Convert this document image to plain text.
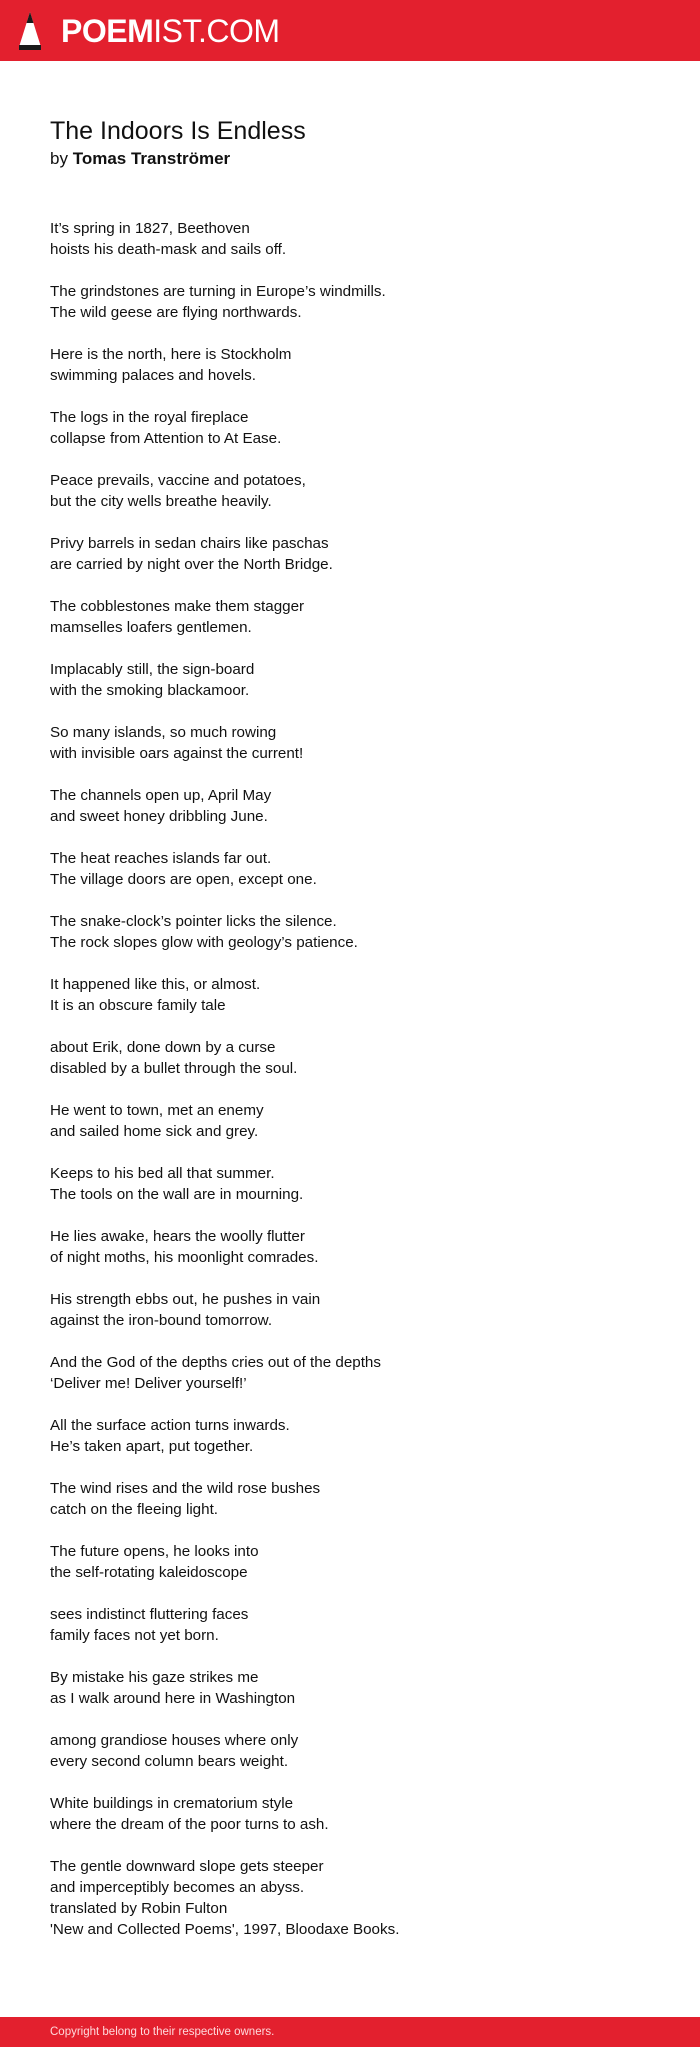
POEMIST.COM
The Indoors Is Endless
by Tomas Tranströmer

It’s spring in 1827, Beethoven
hoists his death-mask and sails off.

The grindstones are turning in Europe’s windmills.
The wild geese are flying northwards.

Here is the north, here is Stockholm
swimming palaces and hovels.

The logs in the royal fireplace
collapse from Attention to At Ease.

Peace prevails, vaccine and potatoes,
but the city wells breathe heavily.

Privy barrels in sedan chairs like paschas
are carried by night over the North Bridge.

The cobblestones make them stagger
mamselles loafers gentlemen.

Implacably still, the sign-board
with the smoking blackamoor.

So many islands, so much rowing
with invisible oars against the current!

The channels open up, April May
and sweet honey dribbling June.

The heat reaches islands far out.
The village doors are open, except one.

The snake-clock’s pointer licks the silence.
The rock slopes glow with geology’s patience.

It happened like this, or almost.
It is an obscure family tale

about Erik, done down by a curse
disabled by a bullet through the soul.

He went to town, met an enemy
and sailed home sick and grey.

Keeps to his bed all that summer.
The tools on the wall are in mourning.

He lies awake, hears the woolly flutter
of night moths, his moonlight comrades.

His strength ebbs out, he pushes in vain
against the iron-bound tomorrow.

And the God of the depths cries out of the depths
‘Deliver me! Deliver yourself!’

All the surface action turns inwards.
He’s taken apart, put together.

The wind rises and the wild rose bushes
catch on the fleeing light.

The future opens, he looks into
the self-rotating kaleidoscope

sees indistinct fluttering faces
family faces not yet born.

By mistake his gaze strikes me
as I walk around here in Washington

among grandiose houses where only
every second column bears weight.

White buildings in crematorium style
where the dream of the poor turns to ash.

The gentle downward slope gets steeper
and imperceptibly becomes an abyss.
translated by Robin Fulton
'New and Collected Poems', 1997, Bloodaxe Books.

Copyright belong to their respective owners.
